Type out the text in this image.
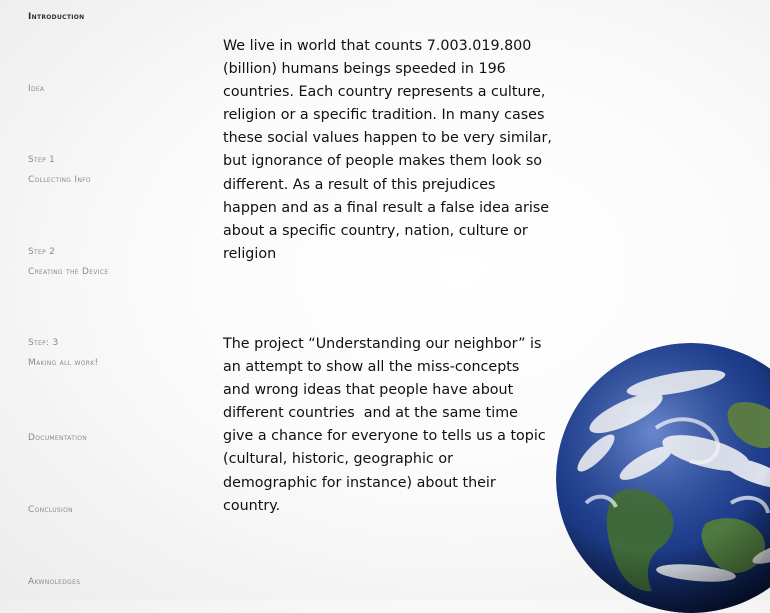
Introduction
Idea
Step 1
Collecting Info
Step 2
Creating the Device
Step: 3
Making all work!
Documentation
Conclusion
Akwnoledges
We live in world that counts 7.003.019.800
(billion) humans beings speeded in 196
countries. Each country represents a culture,
religion or a specific tradition. In many cases
these social values happen to be very similar,
but ignorance of people makes them look so
different. As a result of this prejudices
happen and as a final result a false idea arise
about a specific country, nation, culture or
religion
The project “Understanding our neighbor” is
an attempt to show all the miss-concepts
and wrong ideas that people have about
different countries  and at the same time
give a chance for everyone to tells us a topic
(cultural, historic, geographic or
demographic for instance) about their
country.
